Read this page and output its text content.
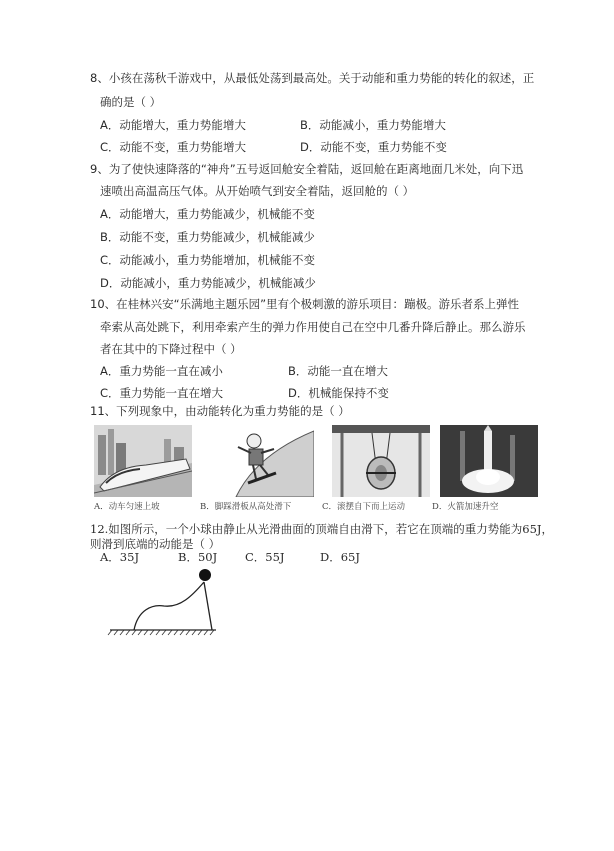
8、小孩在荡秋千游戏中，从最低处荡到最高处。关于动能和重力势能的转化的叙述，正
确的是（ ）
A．动能增大，重力势能增大	B．动能减小，重力势能增大
C．动能不变，重力势能增大	D．动能不变，重力势能不变
9、为了使快速降落的“神舟”五号返回舱安全着陆，返回舱在距离地面几米处，向下迅
速喷出高温高压气体。从开始喷气到安全着陆，返回舱的（ ）
A．动能增大，重力势能减少，机械能不变
B．动能不变，重力势能减少，机械能减少
C．动能减小，重力势能增加，机械能不变
D．动能减小，重力势能减少，机械能减少
10、在桂林兴安“乐满地主题乐园”里有个极刺激的游乐项目：蹦极。游乐者系上弹性
牵索从高处跳下，利用牵索产生的弹力作用使自己在空中几番升降后静止。那么游乐
者在其中的下降过程中（ ）
A．重力势能一直在减小	B．动能一直在增大
C．重力势能一直在增大	D．机械能保持不变
11、下列现象中，由动能转化为重力势能的是（ ）
A．动车匀速上坡	B．脚踩滑板从高处滑下	C．滚摆自下而上运动	D．火箭加速升空
12.如图所示，一个小球由静止从光滑曲面的顶端自由滑下，若它在顶端的重力势能为65J，
则滑到底端的动能是（ ）
A．35J	B．50J C．55J	D．65J
